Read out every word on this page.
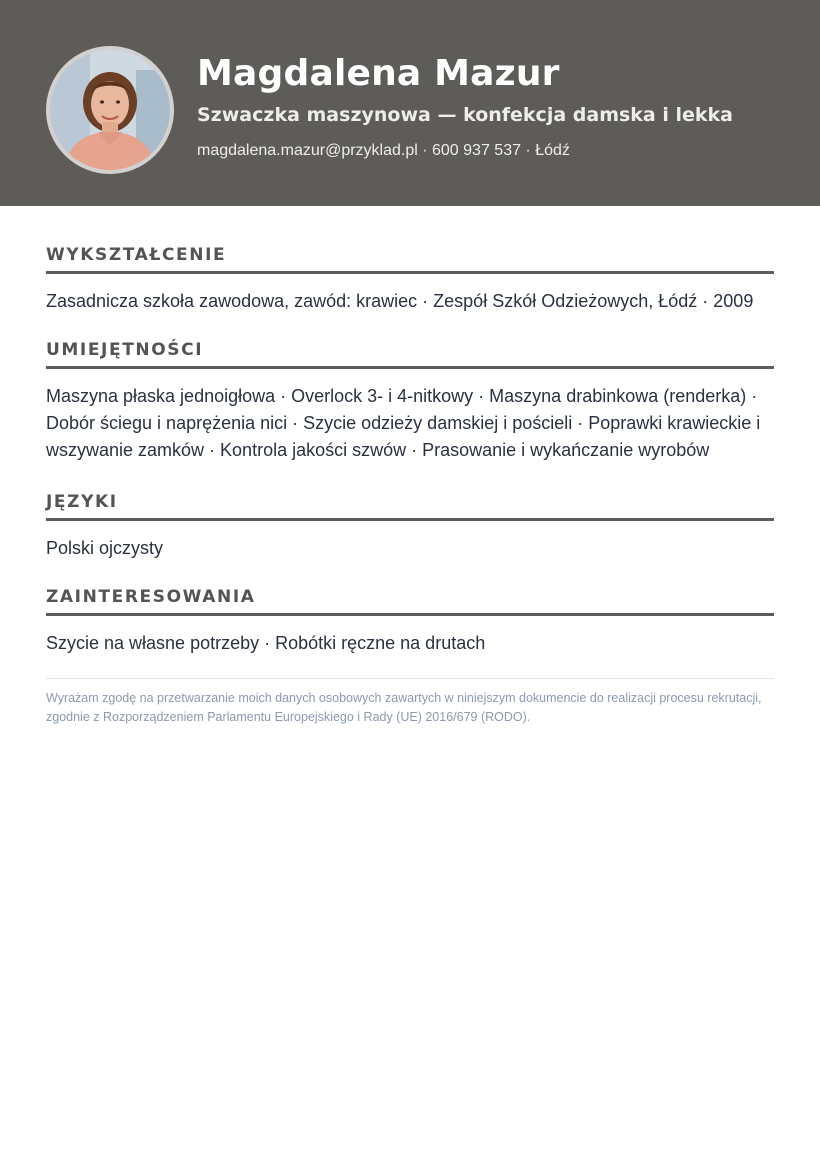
Magdalena Mazur
Szwaczka maszynowa — konfekcja damska i lekka
magdalena.mazur@przyklad.pl · 600 937 537 · Łódź
WYKSZTAŁCENIE
Zasadnicza szkoła zawodowa, zawód: krawiec · Zespół Szkół Odzieżowych, Łódź · 2009
UMIEJĘTNOŚCI
Maszyna płaska jednoigłowa · Overlock 3- i 4-nitkowy · Maszyna drabinkowa (renderka) · Dobór ściegu i naprężenia nici · Szycie odzieży damskiej i pościeli · Poprawki krawieckie i wszywanie zamków · Kontrola jakości szwów · Prasowanie i wykańczanie wyrobów
JĘZYKI
Polski ojczysty
ZAINTERESOWANIA
Szycie na własne potrzeby · Robótki ręczne na drutach
Wyrażam zgodę na przetwarzanie moich danych osobowych zawartych w niniejszym dokumencie do realizacji procesu rekrutacji, zgodnie z Rozporządzeniem Parlamentu Europejskiego i Rady (UE) 2016/679 (RODO).
